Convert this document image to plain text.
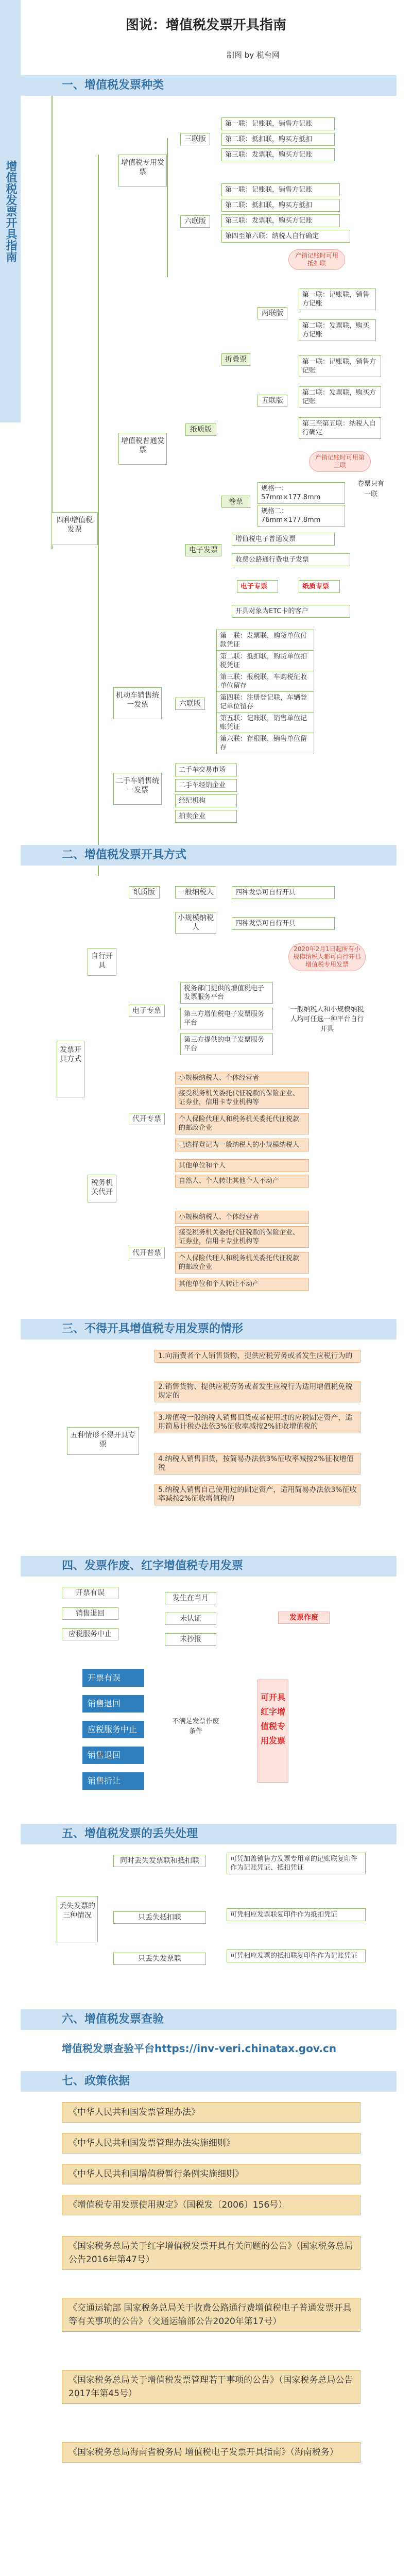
图说：增值税发票开具指南
制图 by 税台网
一、增值税发票种类
四种增值税发票
增值税专用发票
三联版
第一联：记账联，销售方记账
第二联：抵扣联，购买方抵扣
第三联：发票联，购买方记账
六联版
第一联：记账联，销售方记账
第二联：抵扣联，购买方抵扣
第三联：发票联，购买方记账
第四至第六联：纳税人自行确定
产销记账时可用抵扣联
增值税普通发票
纸质版
折叠票
两联版
第一联：记账联，销售方记账
第二联：发票联，购买方记账
五联版
第一联：记账联，销售方记账
第二联：发票联，购买方记账
第三至第五联：纳税人自行确定
产销记账时可用第三联
卷票
规格一：57mm×177.8mm
规格二：76mm×177.8mm
卷票只有一联
电子发票
增值税电子普通发票
收费公路通行费电子发票
电子专票	纸质专票
开具对象为ETC卡的客户
机动车销售统一发票	六联版
第一联：发票联，购货单位付款凭证
第二联：抵扣联，购货单位扣税凭证
第三联：报税联，车购税征收单位留存
第四联：注册登记联，车辆登记单位留存
第五联：记账联，销售单位记账凭证
第六联：存根联，销售单位留存
二手车销售统一发票
二手车交易市场
二手车经销企业
经纪机构
拍卖企业
二、增值税发票开具方式
增值税发票开具指南
纸质版	一般纳税人	四种发票可自行开具
小规模纳税人	四种发票可自行开具
2020年2月1日起所有小规模纳税人都可自行开具增值税专用发票
自行开具
电子专票
税务部门提供的增值税电子发票服务平台
第三方增值税电子发票服务平台
第三方提供的电子发票服务平台
一般纳税人和小规模纳税人均可任选一种平台自行开具
发票开具方式
税务机关代开
代开专票
小规模纳税人、个体经营者
接受税务机关委托代征税款的保险企业、证券业，信用卡专业机构等
个人保险代理人和税务机关委托代征税款的邮政企业
已选择登记为一般纳税人的小规模纳税人
其他单位和个人
自然人、个人转让其他个人不动产
代开普票
小规模纳税人、个体经营者
接受税务机关委托代征税款的保险企业、证券业，信用卡专业机构等
个人保险代理人和税务机关委托代征税款的邮政企业
其他单位和个人转让不动产
三、不得开具增值税专用发票的情形
五种情形不得开具专票
1.向消费者个人销售货物、提供应税劳务或者发生应税行为的
2.销售货物、提供应税劳务或者发生应税行为适用增值税免税规定的
3.增值税一般纳税人销售旧货或者使用过的应税固定资产，适用简易计税办法依3%征收率减按2%征收增值税的
4.纳税人销售旧货，按简易办法依3%征收率减按2%征收增值税
5.纳税人销售自己使用过的固定资产，适用简易办法依3%征收率减按2%征收增值税的
四、发票作废、红字增值税专用发票
开票有误
销售退回
应税服务中止
发生在当月
未认证
未抄报
发票作废
开票有误
销售退回
应税服务中止
销售退回
销售折让
不满足发票作废条件
可开具红字增值税专用发票
五、增值税发票的丢失处理
丢失发票的三种情况
同时丢失发票联和抵扣联
只丢失抵扣联
只丢失发票联
可凭加盖销售方发票专用章的记账联复印件作为记账凭证、抵扣凭证
可凭相应发票联复印件作为抵扣凭证
可凭相应发票的抵扣联复印件作为记账凭证
六、增值税发票查验
增值税发票查验平台https://inv-veri.chinatax.gov.cn
七、政策依据
《中华人民共和国发票管理办法》
《中华人民共和国发票管理办法实施细则》
《中华人民共和国增值税暂行条例实施细则》
《增值税专用发票使用规定》（国税发〔2006〕156号）
《国家税务总局关于红字增值税发票开具有关问题的公告》（国家税务总局公告2016年第47号）
《交通运输部 国家税务总局关于收费公路通行费增值税电子普通发票开具等有关事项的公告》（交通运输部公告2020年第17号）
《国家税务总局关于增值税发票管理若干事项的公告》（国家税务总局公告2017年第45号）
《国家税务总局海南省税务局 增值税电子发票开具指南》（海南税务）
